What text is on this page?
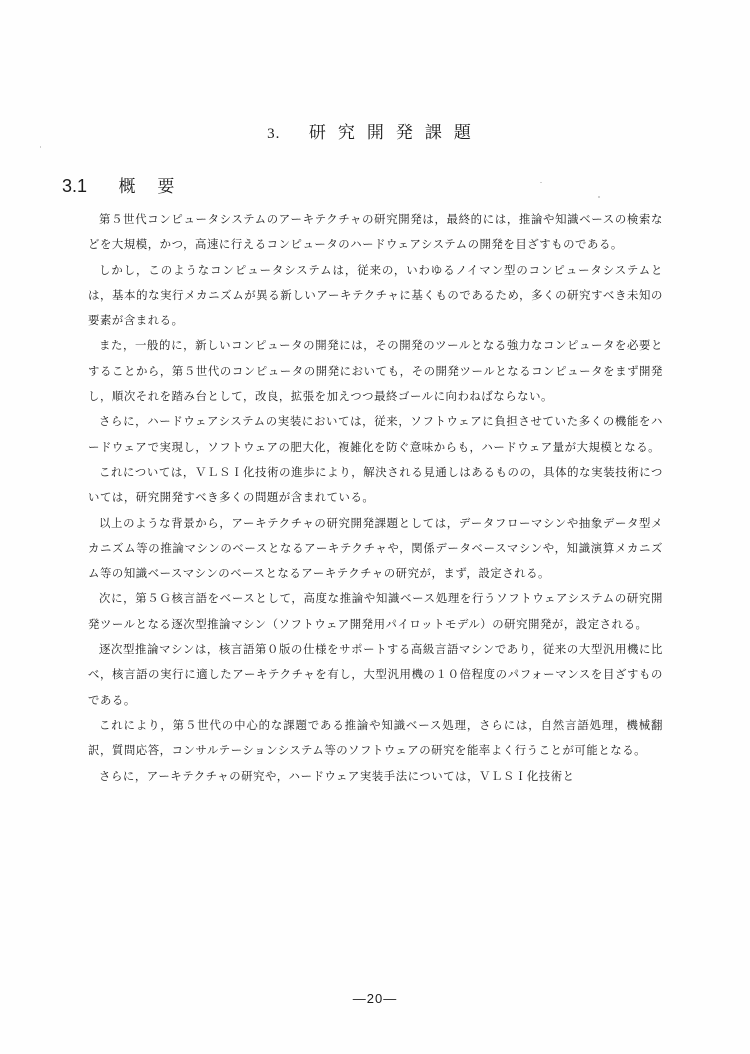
3. 研究開発課題
3.1 概要

第５世代コンピュータシステムのアーキテクチャの研究開発は，最終的には，推論や知識ベースの検索などを大規模，かつ，高速に行えるコンピュータのハードウェアシステムの開発を目ざすものである。

しかし，このようなコンピュータシステムは，従来の，いわゆるノイマン型のコンピュータシステムとは，基本的な実行メカニズムが異る新しいアーキテクチャに基くものであるため，多くの研究すべき未知の要素が含まれる。

また，一般的に，新しいコンピュータの開発には，その開発のツールとなる強力なコンピュータを必要とすることから，第５世代のコンピュータの開発においても，その開発ツールとなるコンピュータをまず開発し，順次それを踏み台として，改良，拡張を加えつつ最終ゴールに向わねばならない。

さらに，ハードウェアシステムの実装においては，従来，ソフトウェアに負担させていた多くの機能をハードウェアで実現し，ソフトウェアの肥大化，複雑化を防ぐ意味からも，ハードウェア量が大規模となる。

これについては，ＶＬＳＩ化技術の進歩により，解決される見通しはあるものの，具体的な実装技術については，研究開発すべき多くの問題が含まれている。

以上のような背景から，アーキテクチャの研究開発課題としては，データフローマシンや抽象データ型メカニズム等の推論マシンのベースとなるアーキテクチャや，関係データベースマシンや，知識演算メカニズム等の知識ベースマシンのベースとなるアーキテクチャの研究が，まず，設定される。

次に，第５Ｇ核言語をベースとして，高度な推論や知識ベース処理を行うソフトウェアシステムの研究開発ツールとなる逐次型推論マシン（ソフトウェア開発用パイロットモデル）の研究開発が，設定される。

逐次型推論マシンは，核言語第０版の仕様をサポートする高級言語マシンであり，従来の大型汎用機に比べ，核言語の実行に適したアーキテクチャを有し，大型汎用機の１０倍程度のパフォーマンスを目ざすものである。

これにより，第５世代の中心的な課題である推論や知識ベース処理，さらには，自然言語処理，機械翻訳，質問応答，コンサルテーションシステム等のソフトウェアの研究を能率よく行うことが可能となる。

さらに，アーキテクチャの研究や，ハードウェア実装手法については，ＶＬＳＩ化技術と

―20―
